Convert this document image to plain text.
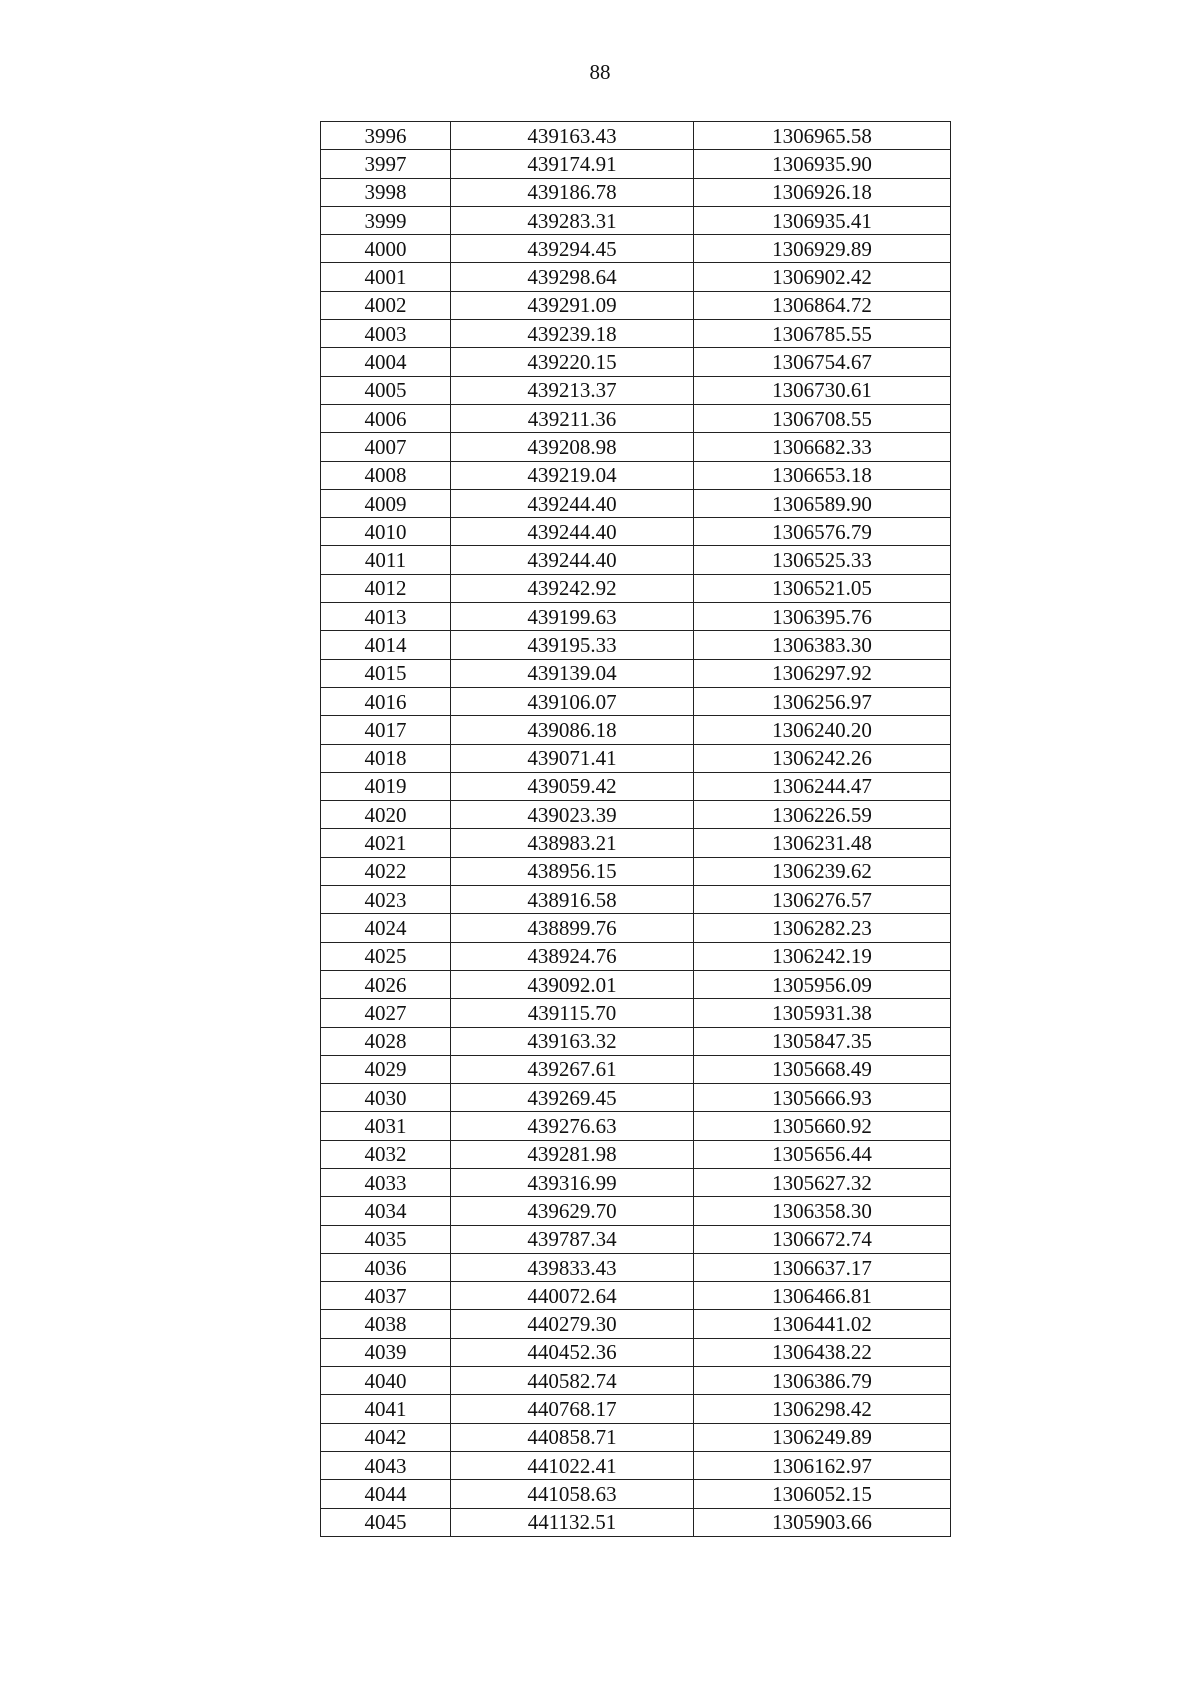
88
3996	439163.43	1306965.58
3997	439174.91	1306935.90
3998	439186.78	1306926.18
3999	439283.31	1306935.41
4000	439294.45	1306929.89
4001	439298.64	1306902.42
4002	439291.09	1306864.72
4003	439239.18	1306785.55
4004	439220.15	1306754.67
4005	439213.37	1306730.61
4006	439211.36	1306708.55
4007	439208.98	1306682.33
4008	439219.04	1306653.18
4009	439244.40	1306589.90
4010	439244.40	1306576.79
4011	439244.40	1306525.33
4012	439242.92	1306521.05
4013	439199.63	1306395.76
4014	439195.33	1306383.30
4015	439139.04	1306297.92
4016	439106.07	1306256.97
4017	439086.18	1306240.20
4018	439071.41	1306242.26
4019	439059.42	1306244.47
4020	439023.39	1306226.59
4021	438983.21	1306231.48
4022	438956.15	1306239.62
4023	438916.58	1306276.57
4024	438899.76	1306282.23
4025	438924.76	1306242.19
4026	439092.01	1305956.09
4027	439115.70	1305931.38
4028	439163.32	1305847.35
4029	439267.61	1305668.49
4030	439269.45	1305666.93
4031	439276.63	1305660.92
4032	439281.98	1305656.44
4033	439316.99	1305627.32
4034	439629.70	1306358.30
4035	439787.34	1306672.74
4036	439833.43	1306637.17
4037	440072.64	1306466.81
4038	440279.30	1306441.02
4039	440452.36	1306438.22
4040	440582.74	1306386.79
4041	440768.17	1306298.42
4042	440858.71	1306249.89
4043	441022.41	1306162.97
4044	441058.63	1306052.15
4045	441132.51	1305903.66
